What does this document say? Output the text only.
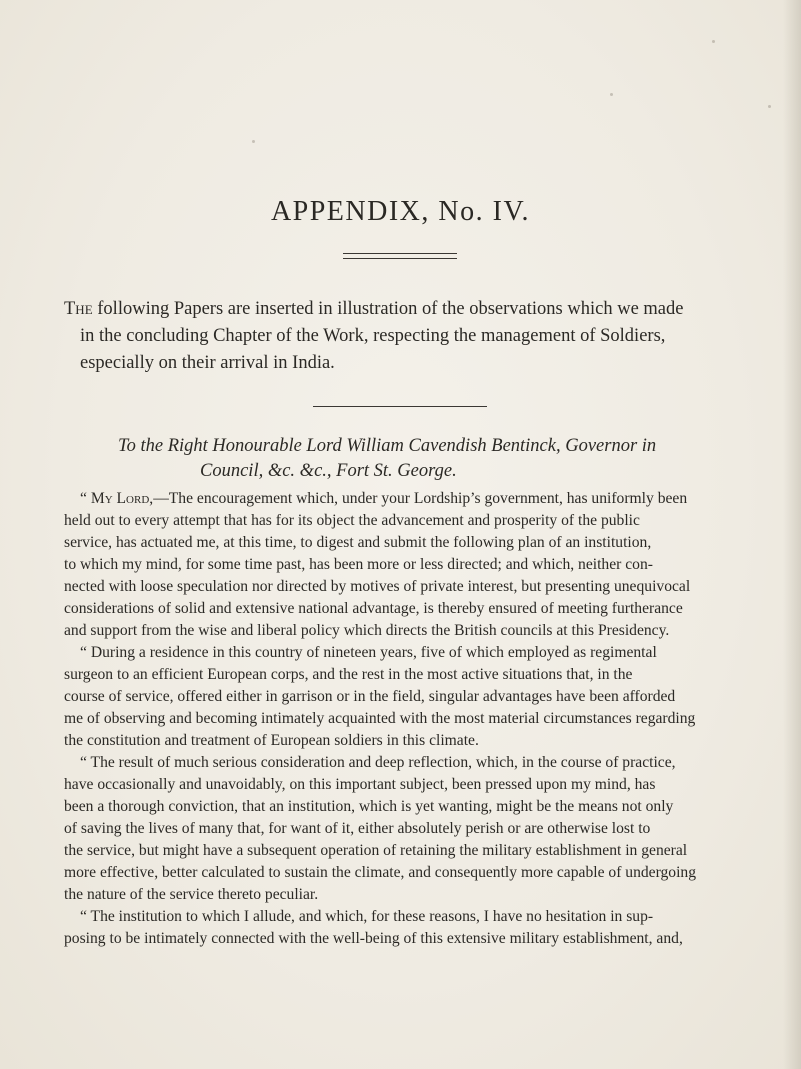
APPENDIX, No. IV.
The following Papers are inserted in illustration of the observations which we made
in the concluding Chapter of the Work, respecting the management of Soldiers,
especially on their arrival in India.
To the Right Honourable Lord William Cavendish Bentinck, Governor in
Council, &c. &c., Fort St. George.
“ My Lord,—The encouragement which, under your Lordship’s government, has uniformly been
held out to every attempt that has for its object the advancement and prosperity of the public
service, has actuated me, at this time, to digest and submit the following plan of an institution,
to which my mind, for some time past, has been more or less directed; and which, neither con-
nected with loose speculation nor directed by motives of private interest, but presenting unequivocal
considerations of solid and extensive national advantage, is thereby ensured of meeting furtherance
and support from the wise and liberal policy which directs the British councils at this Presidency.
“ During a residence in this country of nineteen years, five of which employed as regimental
surgeon to an efficient European corps, and the rest in the most active situations that, in the
course of service, offered either in garrison or in the field, singular advantages have been afforded
me of observing and becoming intimately acquainted with the most material circumstances regarding
the constitution and treatment of European soldiers in this climate.
“ The result of much serious consideration and deep reflection, which, in the course of practice,
have occasionally and unavoidably, on this important subject, been pressed upon my mind, has
been a thorough conviction, that an institution, which is yet wanting, might be the means not only
of saving the lives of many that, for want of it, either absolutely perish or are otherwise lost to
the service, but might have a subsequent operation of retaining the military establishment in general
more effective, better calculated to sustain the climate, and consequently more capable of undergoing
the nature of the service thereto peculiar.
“ The institution to which I allude, and which, for these reasons, I have no hesitation in sup-
posing to be intimately connected with the well-being of this extensive military establishment, and,
